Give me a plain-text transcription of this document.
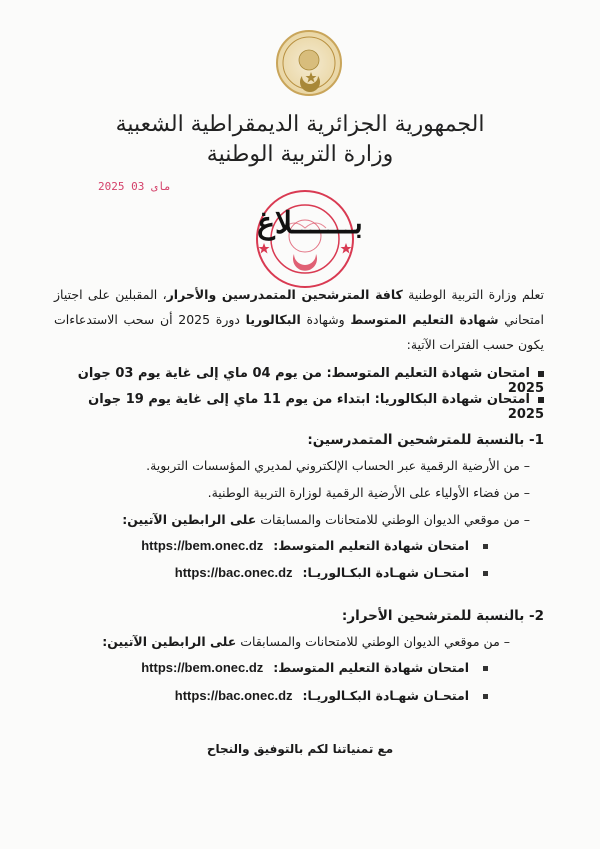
الجمهورية الجزائرية الديمقراطية الشعبية
وزارة التربية الوطنية
2025 ماى 03
بـــــــلاغ
تعلم وزارة التربية الوطنية كافة المترشحين المتمدرسين والأحرار، المقبلين على اجتياز امتحاني شهادة التعليم المتوسط وشهادة البكالوريا دورة 2025 أن سحب الاستدعاءات يكون حسب الفترات الآتية:
امتحان شهادة التعليم المتوسط: من يوم 04 ماي إلى غاية يوم 03 جوان 2025
امتحان شهادة البكالوريا: ابتداء من يوم 11 ماي إلى غاية يوم 19 جوان 2025
1- بالنسبة للمترشحين المتمدرسين:
– من الأرضية الرقمية عبر الحساب الإلكتروني لمديري المؤسسات التربوية.
– من فضاء الأولياء على الأرضية الرقمية لوزارة التربية الوطنية.
– من موقعي الديوان الوطني للامتحانات والمسابقات على الرابطين الآتيين:
امتحان شهادة التعليم المتوسط:https://bem.onec.dz
امتحـان شهـادة البكـالوريـا:https://bac.onec.dz
2- بالنسبة للمترشحين الأحرار:
– من موقعي الديوان الوطني للامتحانات والمسابقات على الرابطين الآتيين:
امتحان شهادة التعليم المتوسط:https://bem.onec.dz
امتحـان شهـادة البكـالوريـا:https://bac.onec.dz
مع تمنياتنا لكم بالتوفيق والنجاح
